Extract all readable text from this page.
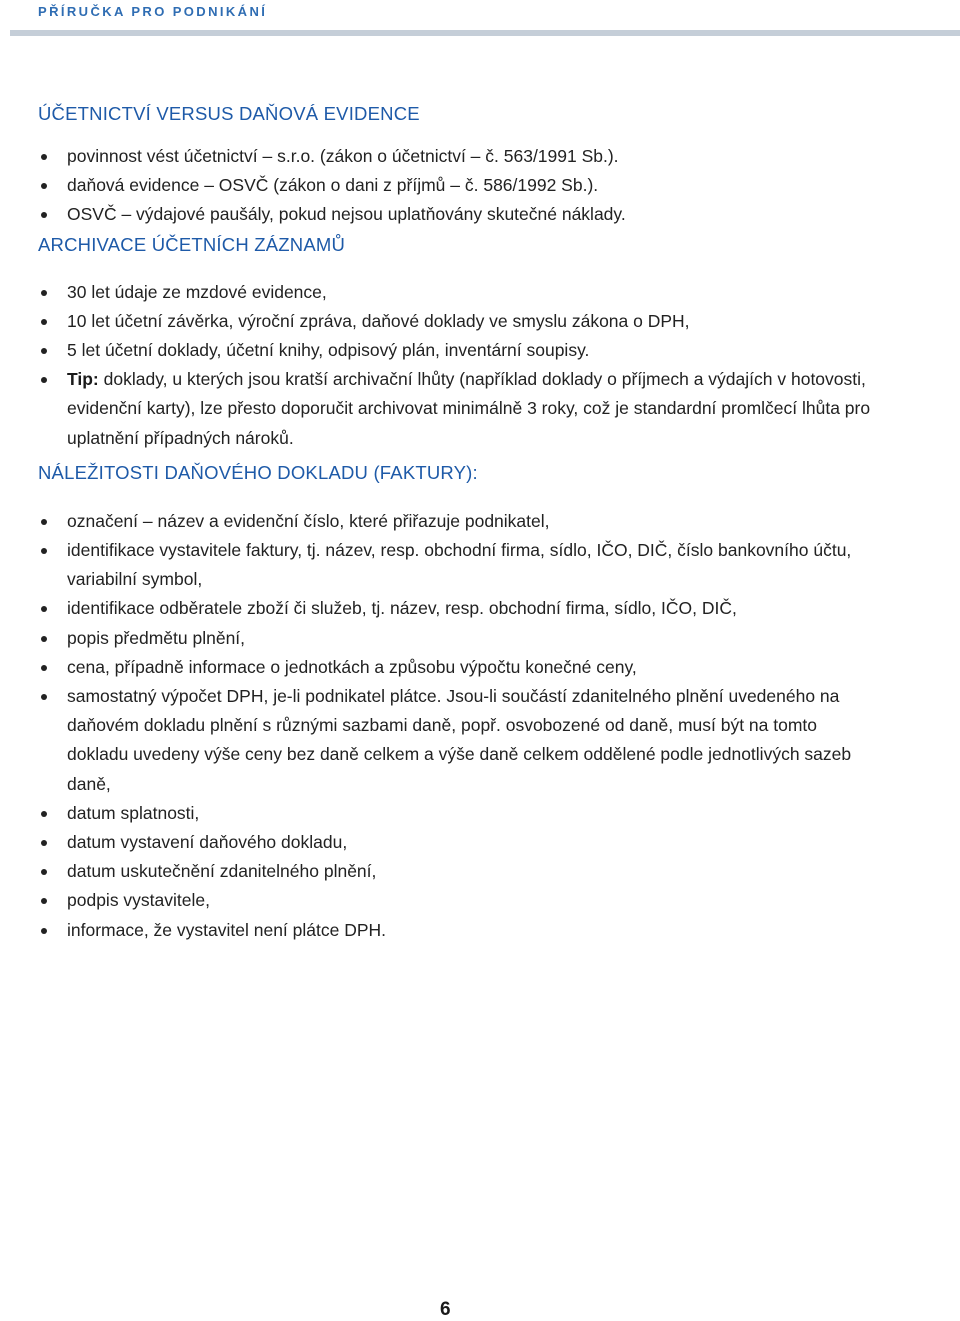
PŘÍRUČKA PRO PODNIKÁNÍ
ÚČETNICTVÍ VERSUS DAŇOVÁ EVIDENCE
povinnost vést účetnictví – s.r.o. (zákon o účetnictví – č. 563/1991 Sb.).
daňová evidence – OSVČ (zákon o dani z příjmů – č. 586/1992 Sb.).
OSVČ – výdajové paušály, pokud nejsou uplatňovány skutečné náklady.
ARCHIVACE ÚČETNÍCH ZÁZNAMŮ
30 let údaje ze mzdové evidence,
10 let účetní závěrka, výroční zpráva, daňové doklady ve smyslu zákona o DPH,
5 let účetní doklady, účetní knihy, odpisový plán, inventární soupisy.
Tip: doklady, u kterých jsou kratší archivační lhůty (například doklady o příjmech a výdajích v hotovosti, evidenční karty), lze přesto doporučit archivovat minimálně 3 roky, což je standardní promlčecí lhůta pro uplatnění případných nároků.
NÁLEŽITOSTI DAŇOVÉHO DOKLADU (FAKTURY):
označení – název a evidenční číslo, které přiřazuje podnikatel,
identifikace vystavitele faktury, tj. název, resp. obchodní firma, sídlo, IČO, DIČ, číslo bankovního účtu, variabilní symbol,
identifikace odběratele zboží či služeb, tj. název, resp. obchodní firma, sídlo, IČO, DIČ,
popis předmětu plnění,
cena, případně informace o jednotkách a způsobu výpočtu konečné ceny,
samostatný výpočet DPH, je-li podnikatel plátce. Jsou-li součástí zdanitelného plnění uvedeného na daňovém dokladu plnění s různými sazbami daně, popř. osvobozené od daně, musí být na tomto dokladu uvedeny výše ceny bez daně celkem a výše daně celkem oddělené podle jednotlivých sazeb daně,
datum splatnosti,
datum vystavení daňového dokladu,
datum uskutečnění zdanitelného plnění,
podpis vystavitele,
informace, že vystavitel není plátce DPH.
6
